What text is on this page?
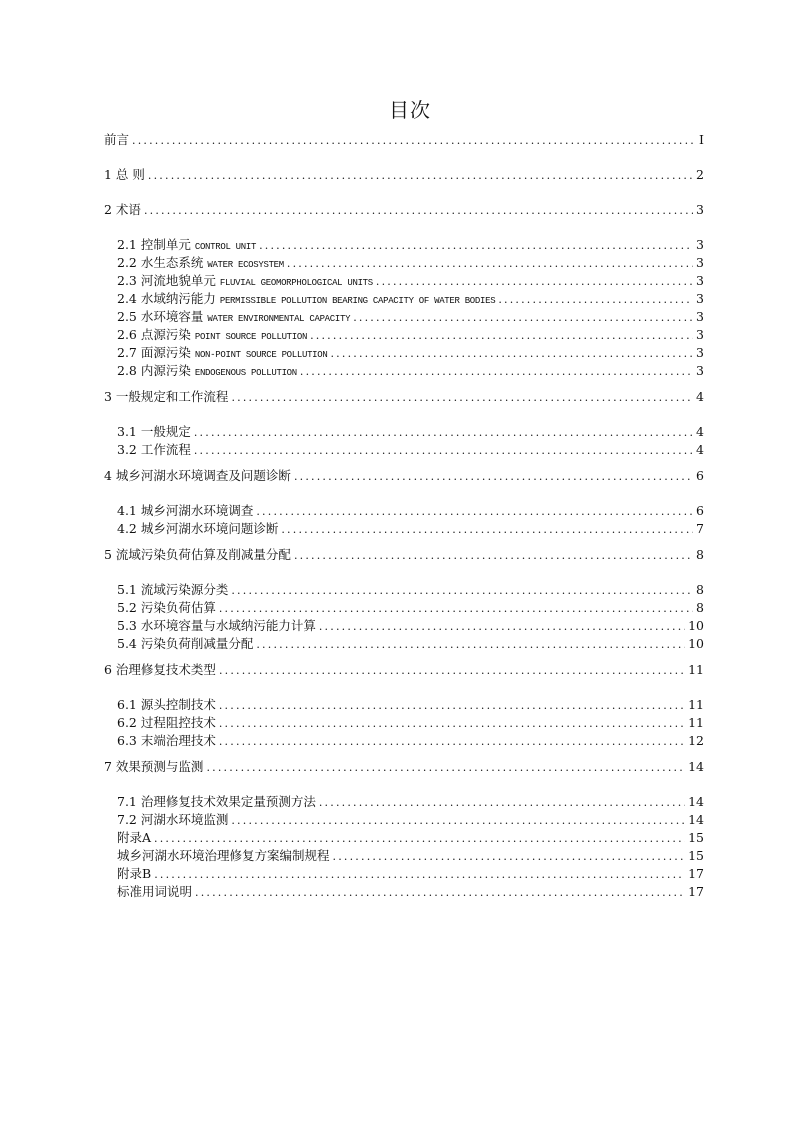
目次
前言 .....	I
1 总 则 .....	2
2 术语 .....	3
2.1 控制单元 CONTROL UNIT .....	3
2.2 水生态系统 WATER ECOSYSTEM .....	3
2.3 河流地貌单元 FLUVIAL GEOMORPHOLOGICAL UNITS .....	3
2.4 水域纳污能力 PERMISSIBLE POLLUTION BEARING CAPACITY OF WATER BODIES .....	3
2.5 水环境容量 WATER ENVIRONMENTAL CAPACITY .....	3
2.6 点源污染 POINT SOURCE POLLUTION .....	3
2.7 面源污染 NON-POINT SOURCE POLLUTION .....	3
2.8 内源污染 ENDOGENOUS POLLUTION .....	3
3 一般规定和工作流程 .....	4
3.1 一般规定 .....	4
3.2 工作流程 .....	4
4 城乡河湖水环境调查及问题诊断 .....	6
4.1 城乡河湖水环境调查 .....	6
4.2 城乡河湖水环境问题诊断 .....	7
5 流域污染负荷估算及削减量分配 .....	8
5.1 流域污染源分类 .....	8
5.2 污染负荷估算 .....	8
5.3 水环境容量与水域纳污能力计算 .....	10
5.4 污染负荷削减量分配 .....	10
6 治理修复技术类型 .....	11
6.1 源头控制技术 .....	11
6.2 过程阻控技术 .....	11
6.3 末端治理技术 .....	12
7 效果预测与监测 .....	14
7.1 治理修复技术效果定量预测方法 .....	14
7.2 河湖水环境监测 .....	14
附录A .....	15
城乡河湖水环境治理修复方案编制规程 .....	15
附录B .....	17
标准用词说明 .....	17
